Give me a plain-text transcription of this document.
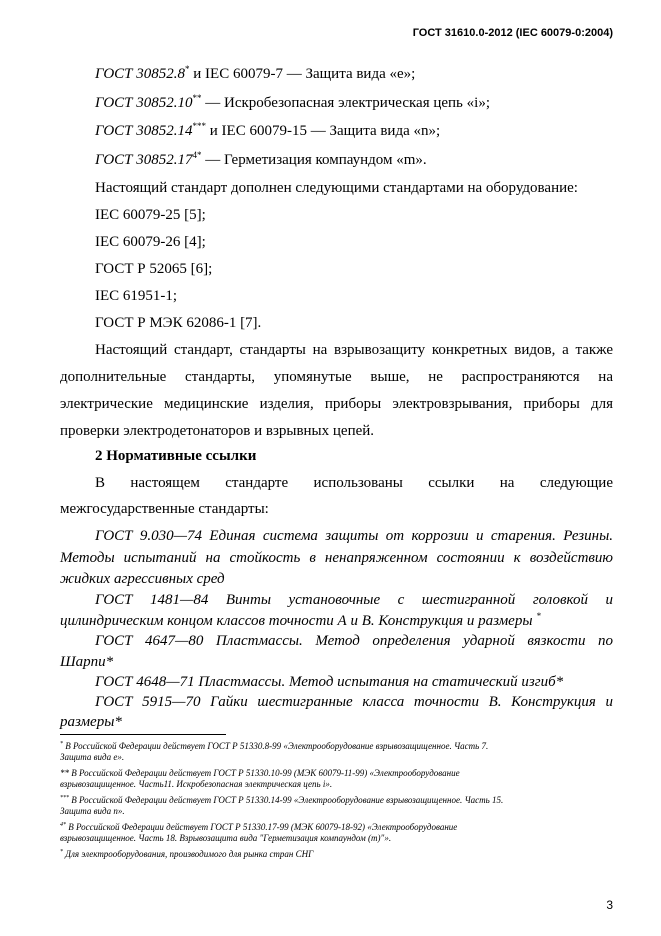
ГОСТ 31610.0-2012 (IEC 60079-0:2004)
ГОСТ 30852.8* и IEC 60079-7 — Защита вида «е»;
ГОСТ 30852.10** — Искробезопасная электрическая цепь «i»;
ГОСТ 30852.14*** и IEC 60079-15 — Защита вида «n»;
ГОСТ $30852.17^{4*}$ — Герметизация компаундом «m».
Настоящий стандарт дополнен следующими стандартами на оборудование:
IEC 60079-25 [5];
IEC 60079-26 [4];
ГОСТ Р 52065 [6];
IEC 61951-1;
ГОСТ Р МЭК 62086-1 [7].
Настоящий стандарт, стандарты на взрывозащиту конкретных видов, а также
дополнительные стандарты, упомянутые выше, не распространяются на
электрические медицинские изделия, приборы электровзрывания, приборы для
проверки электродетонаторов и взрывных цепей.
2 Нормативные ссылки
В настоящем стандарте использованы ссылки на следующие
межгосударственные стандарты:
ГОСТ 9.030—74 Единая система защиты от коррозии и старения. Резины.
Методы испытаний на стойкость в ненапряженном состоянии к воздействию
жидких агрессивных сред
ГОСТ 1481—84 Винты установочные с шестигранной головкой и
цилиндрическим концом классов точности А и В. Конструкция и размеры *
ГОСТ 4647—80 Пластмассы. Метод определения ударной вязкости по
Шарпи*
ГОСТ 4648—71 Пластмассы. Метод испытания на статический изгиб*
ГОСТ 5915—70 Гайки шестигранные класса точности В. Конструкция и
размеры*
* В Российской Федерации действует ГОСТ Р 51330.8-99 «Электрооборудование взрывозащищенное. Часть 7.
Защита вида е».
** В Российской Федерации действует ГОСТ Р 51330.10-99 (МЭК 60079-11-99) «Электрооборудование
взрывозащищенное. Часть11. Искробезопасная электрическая цепь i».
*** В Российской Федерации действует ГОСТ Р 51330.14-99 «Электрооборудование взрывозащищенное. Часть 15.
Защита вида n».
$^{4*}$ В Российской Федерации действует ГОСТ Р 51330.17-99 (МЭК 60079-18-92) «Электрооборудование
взрывозащищенное. Часть 18. Взрывозащита вида "Герметизация компаундом (m)"».
* Для электрооборудования, производимого для рынка стран СНГ
3
